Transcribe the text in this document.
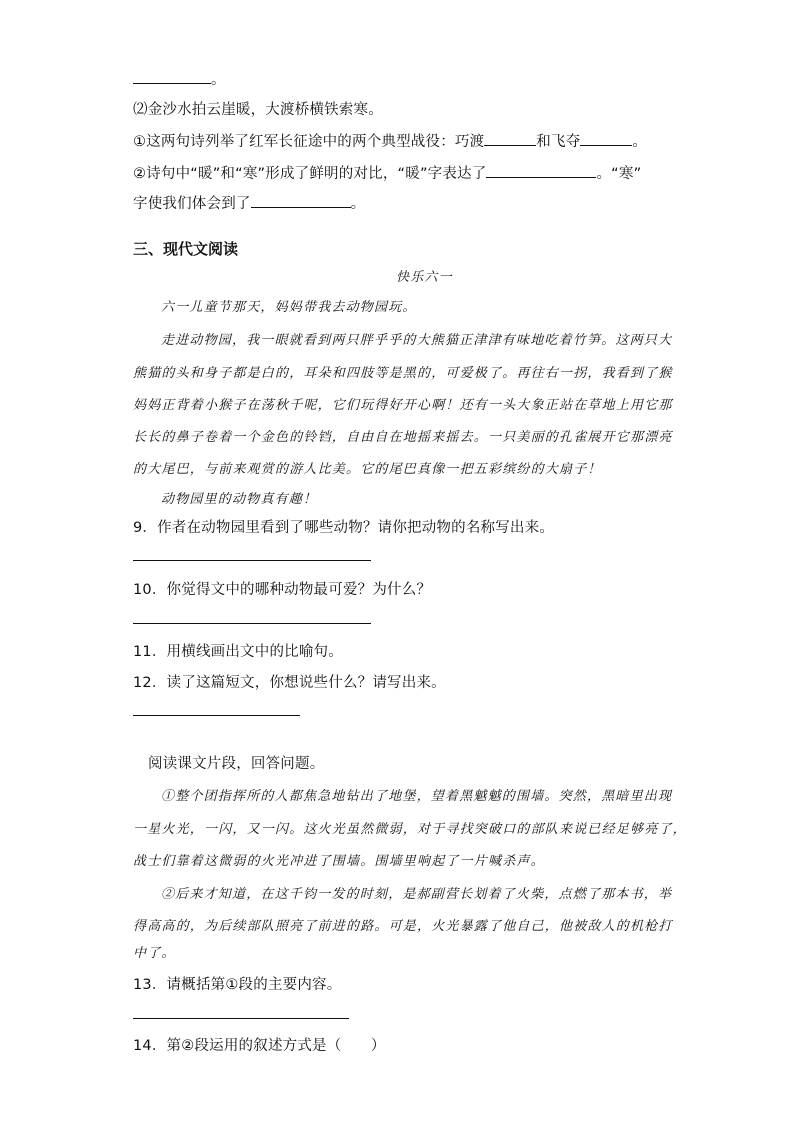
。
⑵金沙水拍云崖暖，大渡桥横铁索寒。
①这两句诗列举了红军长征途中的两个典型战役：巧渡	和飞夺	。
②诗句中“暖”和“寒”形成了鲜明的对比，“暖”字表达了	。“寒”
字使我们体会到了	。
三、现代文阅读
快乐六一
六一儿童节那天，妈妈带我去动物园玩。
走进动物园，我一眼就看到两只胖乎乎的大熊猫正津津有味地吃着竹笋。这两只大
熊猫的头和身子都是白的，耳朵和四肢等是黑的，可爱极了。再往右一拐，我看到了猴
妈妈正背着小猴子在荡秋千呢，它们玩得好开心啊！还有一头大象正站在草地上用它那
长长的鼻子卷着一个金色的铃铛，自由自在地摇来摇去。一只美丽的孔雀展开它那漂亮
的大尾巴，与前来观赏的游人比美。它的尾巴真像一把五彩缤纷的大扇子！
动物园里的动物真有趣！
9．作者在动物园里看到了哪些动物？请你把动物的名称写出来。
10．你觉得文中的哪种动物最可爱？为什么？
11．用横线画出文中的比喻句。
12．读了这篇短文，你想说些什么？请写出来。
阅读课文片段，回答问题。
①整个团指挥所的人都焦急地钻出了地堡，望着黑魆魆的围墙。突然，黑暗里出现
一星火光，一闪，又一闪。这火光虽然微弱，对于寻找突破口的部队来说已经足够亮了，
战士们靠着这微弱的火光冲进了围墙。围墙里响起了一片喊杀声。
②后来才知道，在这千钧一发的时刻，是郝副营长划着了火柴，点燃了那本书，举
得高高的，为后续部队照亮了前进的路。可是，火光暴露了他自己，他被敌人的机枪打
中了。
13．请概括第①段的主要内容。
14．第②段运用的叙述方式是（　　）
